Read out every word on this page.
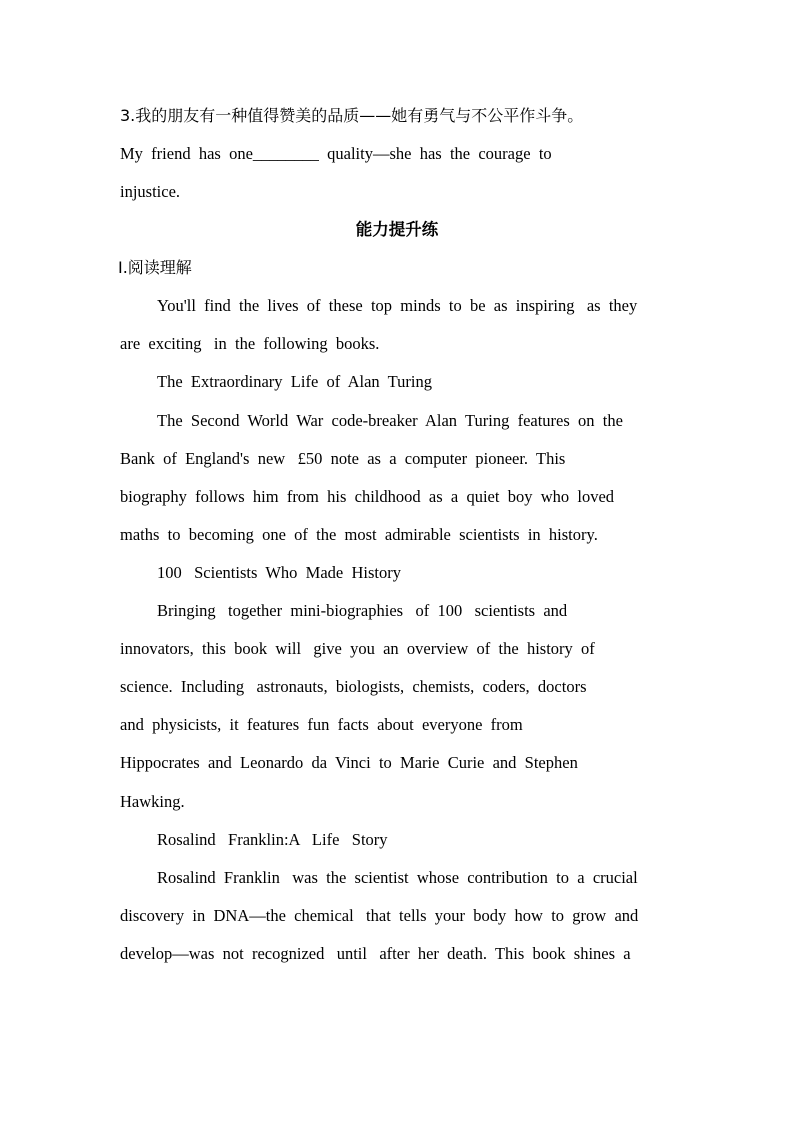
3.我的朋友有一种值得赞美的品质——她有勇气与不公平作斗争。
My  friend  has  one________  quality—she  has  the  courage  to
injustice.
能力提升练
Ⅰ.阅读理解
You'll  find  the  lives  of  these  top  minds  to  be  as  inspiring   as  they
are  exciting   in  the  following  books.
The  Extraordinary  Life  of  Alan  Turing
The  Second  World  War  code-breaker  Alan  Turing  features  on  the
Bank  of  England's  new   £50  note  as  a  computer  pioneer.  This
biography  follows  him  from  his  childhood  as  a  quiet  boy  who  loved
maths  to  becoming  one  of  the  most  admirable  scientists  in  history.
100   Scientists  Who  Made  History
Bringing   together  mini-biographies   of  100   scientists  and
innovators,  this  book  will   give  you  an  overview  of  the  history  of
science.  Including   astronauts,  biologists,  chemists,  coders,  doctors
and  physicists,  it  features  fun  facts  about  everyone  from
Hippocrates  and  Leonardo  da  Vinci  to  Marie  Curie  and  Stephen
Hawking.
Rosalind   Franklin:A   Life   Story
Rosalind  Franklin   was  the  scientist  whose  contribution  to  a  crucial
discovery  in  DNA—the  chemical   that  tells  your  body  how  to  grow  and
develop—was  not  recognized   until   after  her  death.  This  book  shines  a
